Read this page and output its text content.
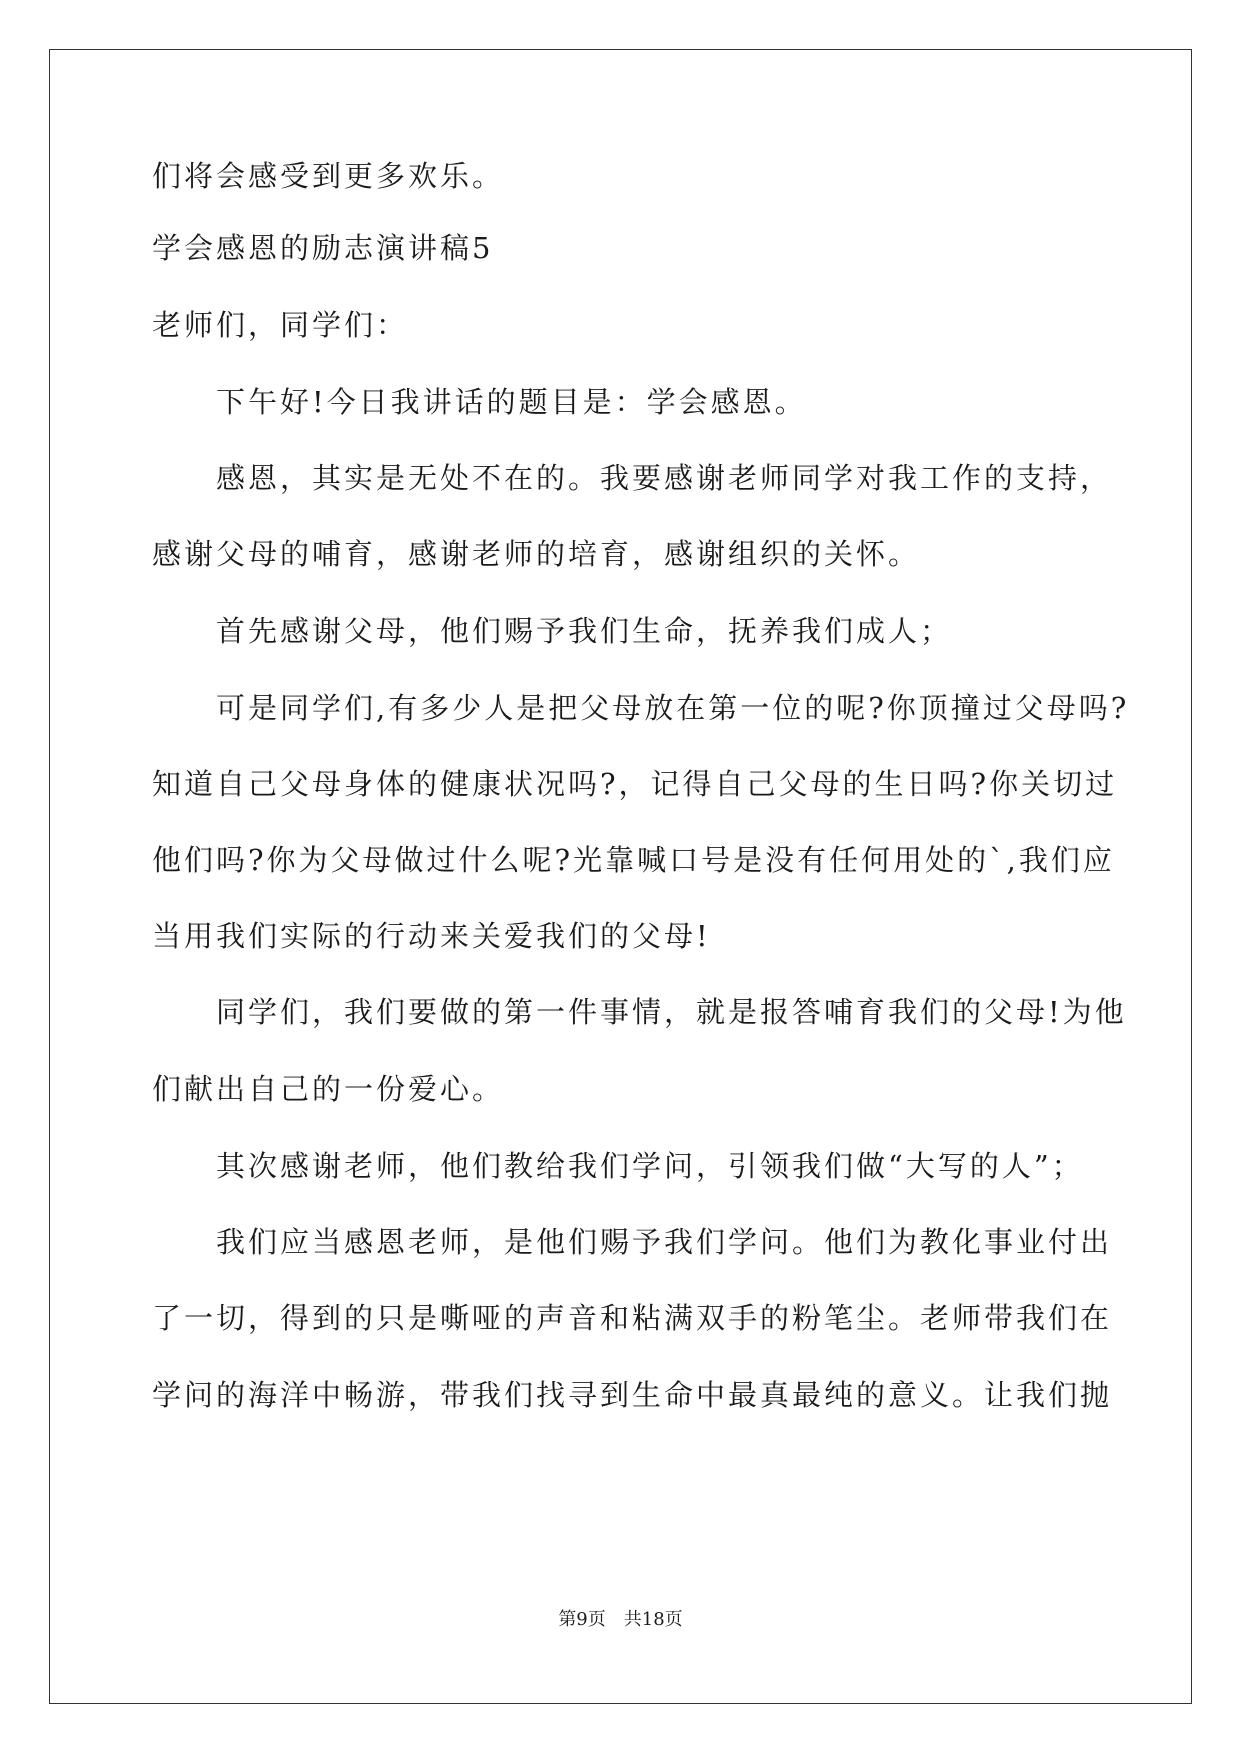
们将会感受到更多欢乐。
学会感恩的励志演讲稿5
老师们，同学们：
下午好!今日我讲话的题目是：学会感恩。
感恩，其实是无处不在的。我要感谢老师同学对我工作的支持，
感谢父母的哺育，感谢老师的培育，感谢组织的关怀。
首先感谢父母，他们赐予我们生命，抚养我们成人；
可是同学们,有多少人是把父母放在第一位的呢?你顶撞过父母吗?
知道自己父母身体的健康状况吗?，记得自己父母的生日吗?你关切过
他们吗?你为父母做过什么呢?光靠喊口号是没有任何用处的`,我们应
当用我们实际的行动来关爱我们的父母!
同学们，我们要做的第一件事情，就是报答哺育我们的父母!为他
们献出自己的一份爱心。
其次感谢老师，他们教给我们学问，引领我们做“大写的人”；
我们应当感恩老师，是他们赐予我们学问。他们为教化事业付出
了一切，得到的只是嘶哑的声音和粘满双手的粉笔尘。老师带我们在
学问的海洋中畅游，带我们找寻到生命中最真最纯的意义。让我们抛
第9页　共18页
